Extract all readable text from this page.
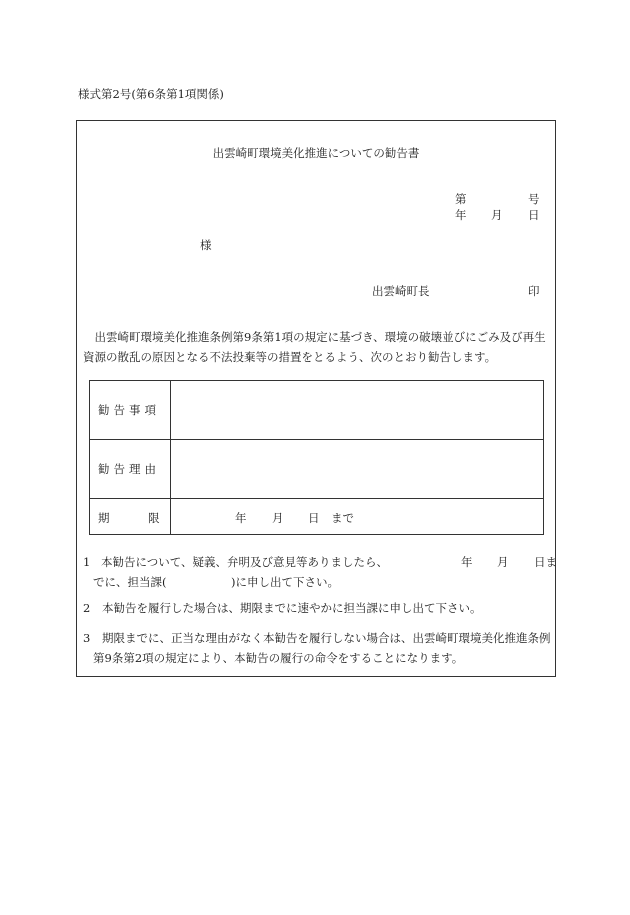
様式第2号(第6条第1項関係)
出雲崎町環境美化推進についての勧告書
第	号
年 月 日
様
出雲崎町長	印
出雲崎町環境美化推進条例第9条第1項の規定に基づき、環境の破壊並びにごみ及び再生資源の散乱の原因となる不法投棄等の措置をとるよう、次のとおり勧告します。
勧告事項	
勧告理由	

期 限	年 月 日 まで
1 本勧告について、疑義、弁明及び意見等ありましたら、	年 月 日ま
でに、担当課(	)に申し出て下さい。
2 本勧告を履行した場合は、期限までに速やかに担当課に申し出て下さい。
3 期限までに、正当な理由がなく本勧告を履行しない場合は、出雲崎町環境美化推進条例第9条第2項の規定により、本勧告の履行の命令をすることになります。
